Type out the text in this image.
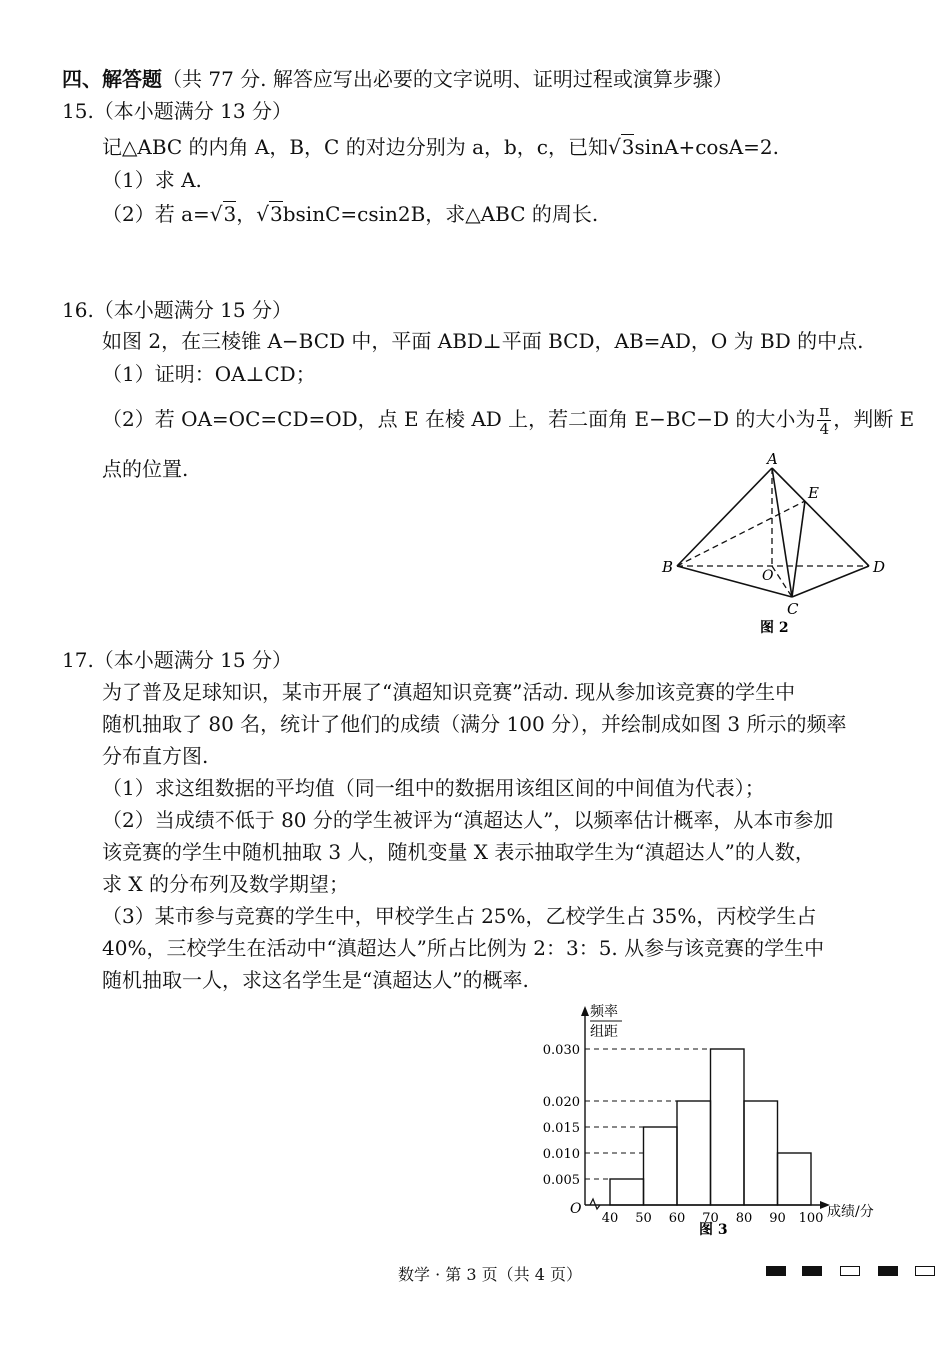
四、解答题（共 77 分. 解答应写出必要的文字说明、证明过程或演算步骤）
15.（本小题满分 13 分）
记△ABC 的内角 A，B，C 的对边分别为 a，b，c，已知√3sinA+cosA=2.
（1）求 A.
（2）若 a=√3，√3bsinC=csin2B，求△ABC 的周长.
16.（本小题满分 15 分）
如图 2，在三棱锥 A−BCD 中，平面 ABD⊥平面 BCD，AB=AD，O 为 BD 的中点.
（1）证明：OA⊥CD；
（2）若 OA=OC=CD=OD，点 E 在棱 AD 上，若二面角 E−BC−D 的大小为 $\frac{\pi}{4}$ ，判断 E
点的位置.	A
B
C
D
E
O
图 2
17.（本小题满分 15 分）
为了普及足球知识，某市开展了“滇超知识竞赛”活动. 现从参加该竞赛的学生中
随机抽取了 80 名，统计了他们的成绩（满分 100 分），并绘制成如图 3 所示的频率
分布直方图.
（1）求这组数据的平均值（同一组中的数据用该组区间的中间值为代表）；
（2）当成绩不低于 80 分的学生被评为“滇超达人”，以频率估计概率，从本市参加
该竞赛的学生中随机抽取 3 人，随机变量 X 表示抽取学生为“滇超达人”的人数，
求 X 的分布列及数学期望；
（3）某市参与竞赛的学生中，甲校学生占 25%，乙校学生占 35%，丙校学生占
40%，三校学生在活动中“滇超达人”所占比例为 2：3：5. 从参与该竞赛的学生中
随机抽取一人，求这名学生是“滇超达人”的概率.
0.005
0.010
0.015
0.020
0.030
40 50 60 70 80 90 100
频率
组距
O	成绩/分
图 3
数学 · 第 3 页（共 4 页）
